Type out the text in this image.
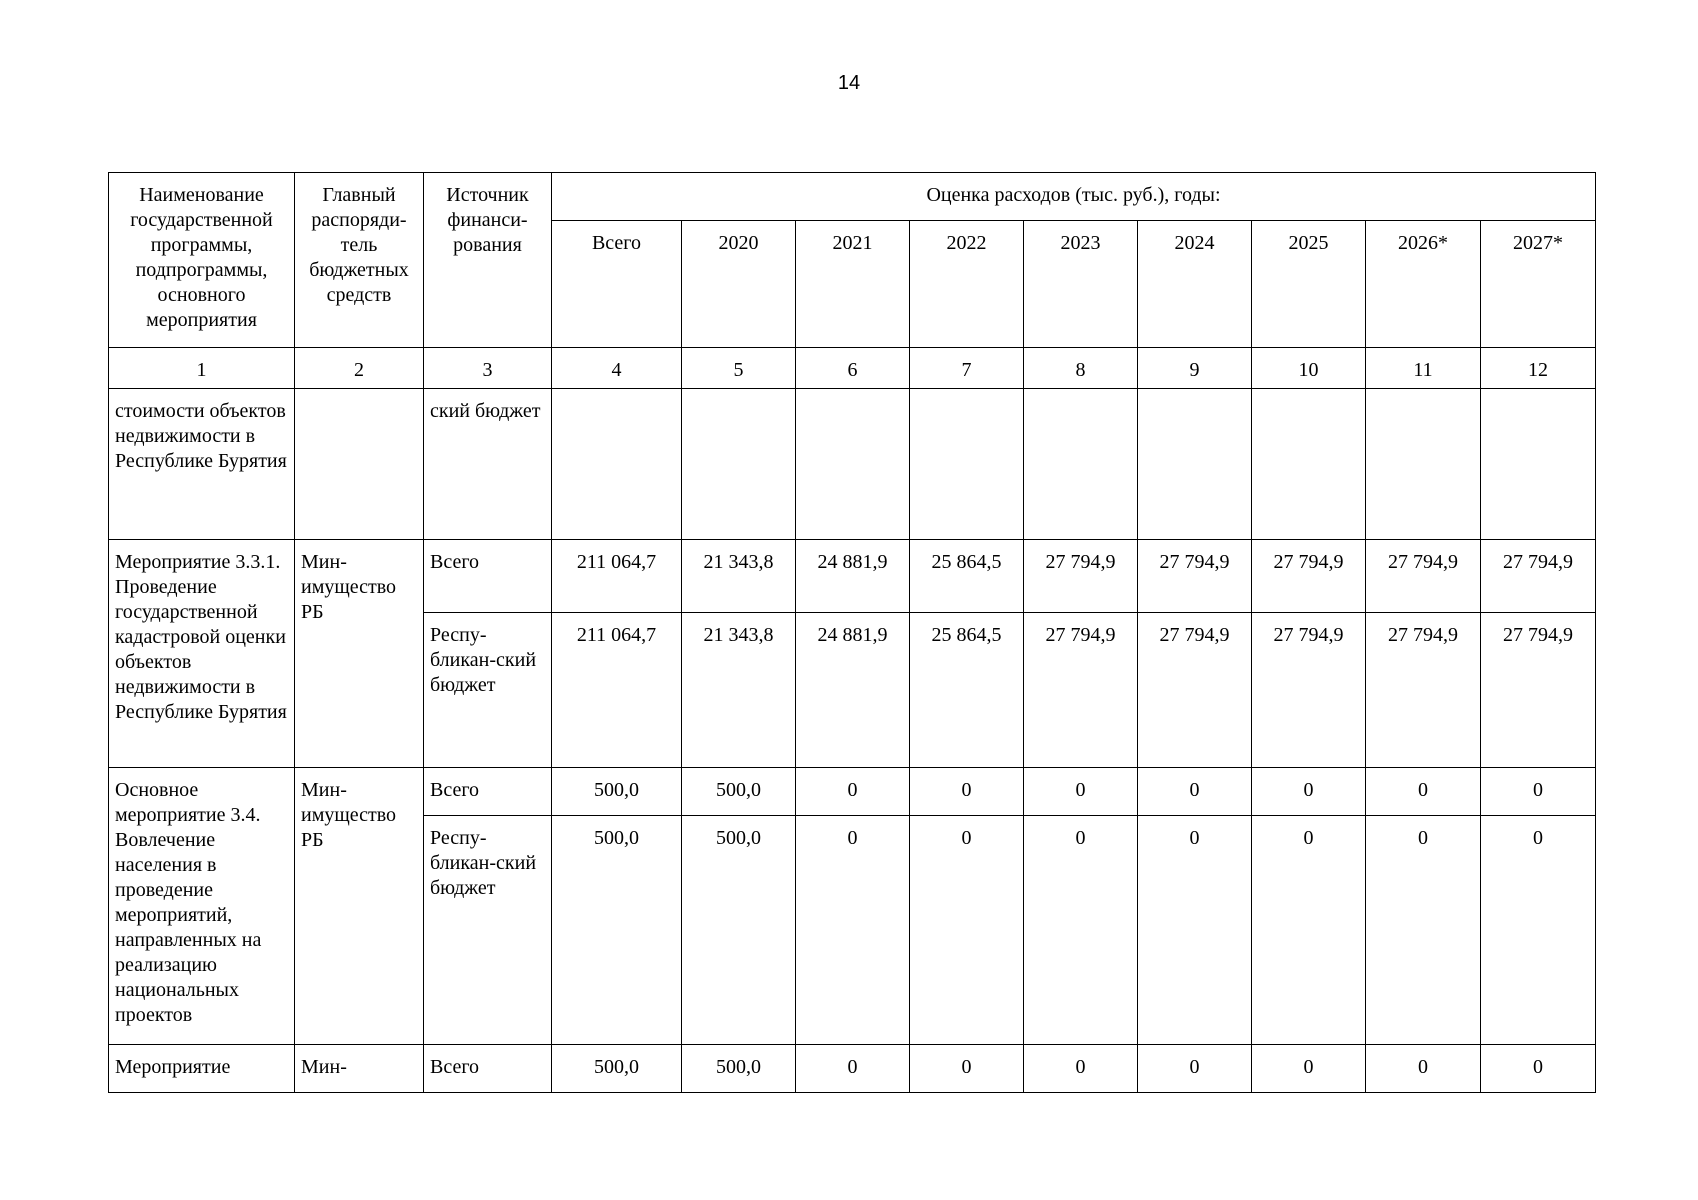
14
Наименование государственной программы, подпрограммы, основного мероприятия	Главный распоряди-тель бюджетных средств	Источник финанси-рования	Оценка расходов (тыс. руб.), годы:								
			Всего	2020	2021	2022	2023	2024	2025	2026*	2027*
1	2	3	4	5	6	7	8	9	10	11	12
стоимости объектов недвижимости в Республике Бурятия		ский бюджет									
Мероприятие 3.3.1. Проведение государственной кадастровой оценки объектов недвижимости в Республике Бурятия	Мин-имущество РБ	Всего	211 064,7	21 343,8	24 881,9	25 864,5	27 794,9	27 794,9	27 794,9	27 794,9	27 794,9
		Респу-бликан-ский бюджет	211 064,7	21 343,8	24 881,9	25 864,5	27 794,9	27 794,9	27 794,9	27 794,9	27 794,9
Основное мероприятие 3.4. Вовлечение населения в проведение мероприятий, направленных на реализацию национальных проектов	Мин-имущество РБ	Всего	500,0	500,0	0	0	0	0	0	0	0
		Респу-бликан-ский бюджет	500,0	500,0	0	0	0	0	0	0	0
Мероприятие	Мин-	Всего	500,0	500,0	0	0	0	0	0	0	0
